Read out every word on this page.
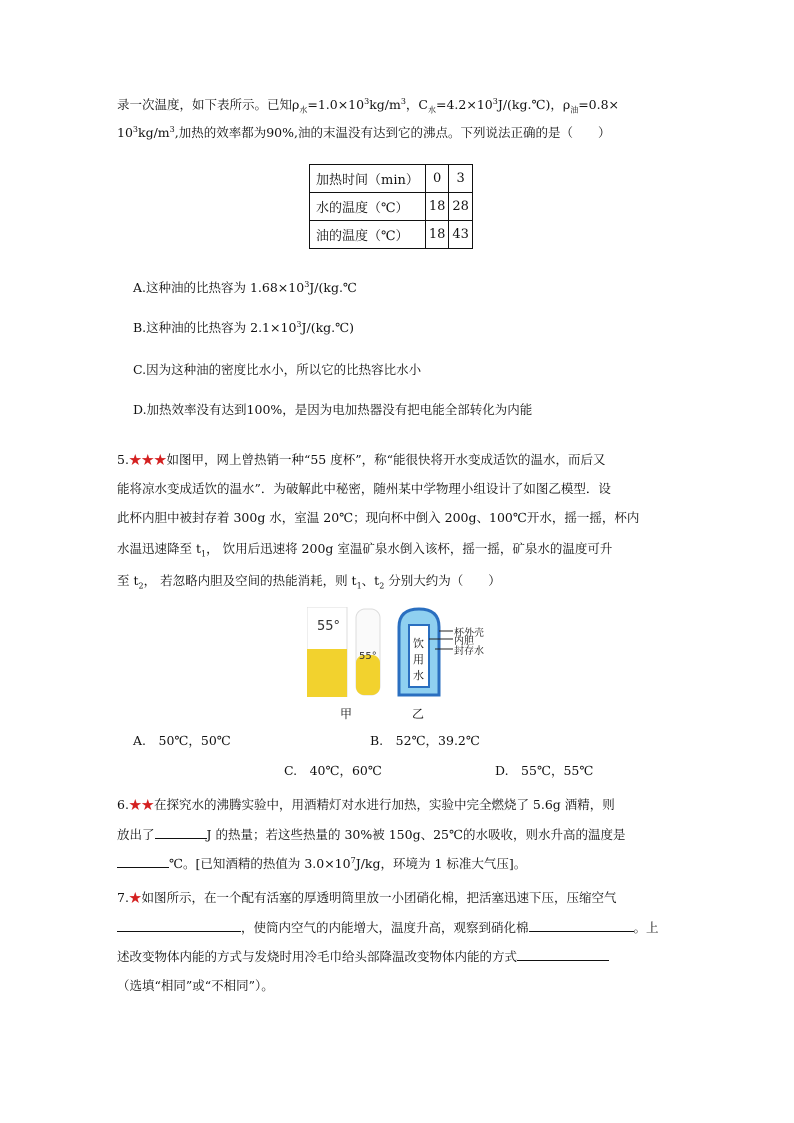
录一次温度，如下表所示。已知$\rho_水=1.0\times 10^3kg/m^3$，$C_水=4.2\times 10^3J/(kg.℃)$，$\rho_油=0.8\times$
$10^3kg/m^3$,加热的效率都为90%,油的末温没有达到它的沸点。下列说法正确的是（　　）
加热时间（min）	0	3
水的温度（℃）	18	28
油的温度（℃）	18	43
A.这种油的比热容为 $1.68\times 10^3J/(kg.℃$
B.这种油的比热容为 $2.1\times 10^3J/(kg.℃)$
C.因为这种油的密度比水小，所以它的比热容比水小
D.加热效率没有达到100%，是因为电加热器没有把电能全部转化为内能
5.★★★如图甲，网上曾热销一种“55 度杯”，称“能很快将开水变成适饮的温水，而后又
能将凉水变成适饮的温水”．为破解此中秘密，随州某中学物理小组设计了如图乙模型．设
此杯内胆中被封存着 300g 水，室温 20℃；现向杯中倒入 200g、100℃开水，摇一摇，杯内
水温迅速降至 $t_1$， 饮用后迅速将 200g 室温矿泉水倒入该杯，摇一摇，矿泉水的温度可升
至 $t_2$， 若忽略内胆及空间的热能消耗，则 $t_1$、$t_2$ 分别大约为（　　）
55°
55°
饮
用
水
杯外壳
内胆
封存水
甲	乙
A.　50℃，50℃	B.　52℃，39.2℃
C.　40℃，60℃	D.　55℃，55℃
6.★★在探究水的沸腾实验中，用酒精灯对水进行加热，实验中完全燃烧了 5.6g 酒精，则
放出了	J 的热量；若这些热量的 30%被 150g、25℃的水吸收，则水升高的温度是
℃。[已知酒精的热值为 $3.0\times 10^7J/kg$，环境为 1 标准大气压]。
7.★如图所示，在一个配有活塞的厚透明筒里放一小团硝化棉，把活塞迅速下压，压缩空气
，使筒内空气的内能增大，温度升高，观察到硝化棉	。上
述改变物体内能的方式与发烧时用冷毛巾给头部降温改变物体内能的方式
（选填“相同”或“不相同”）。
